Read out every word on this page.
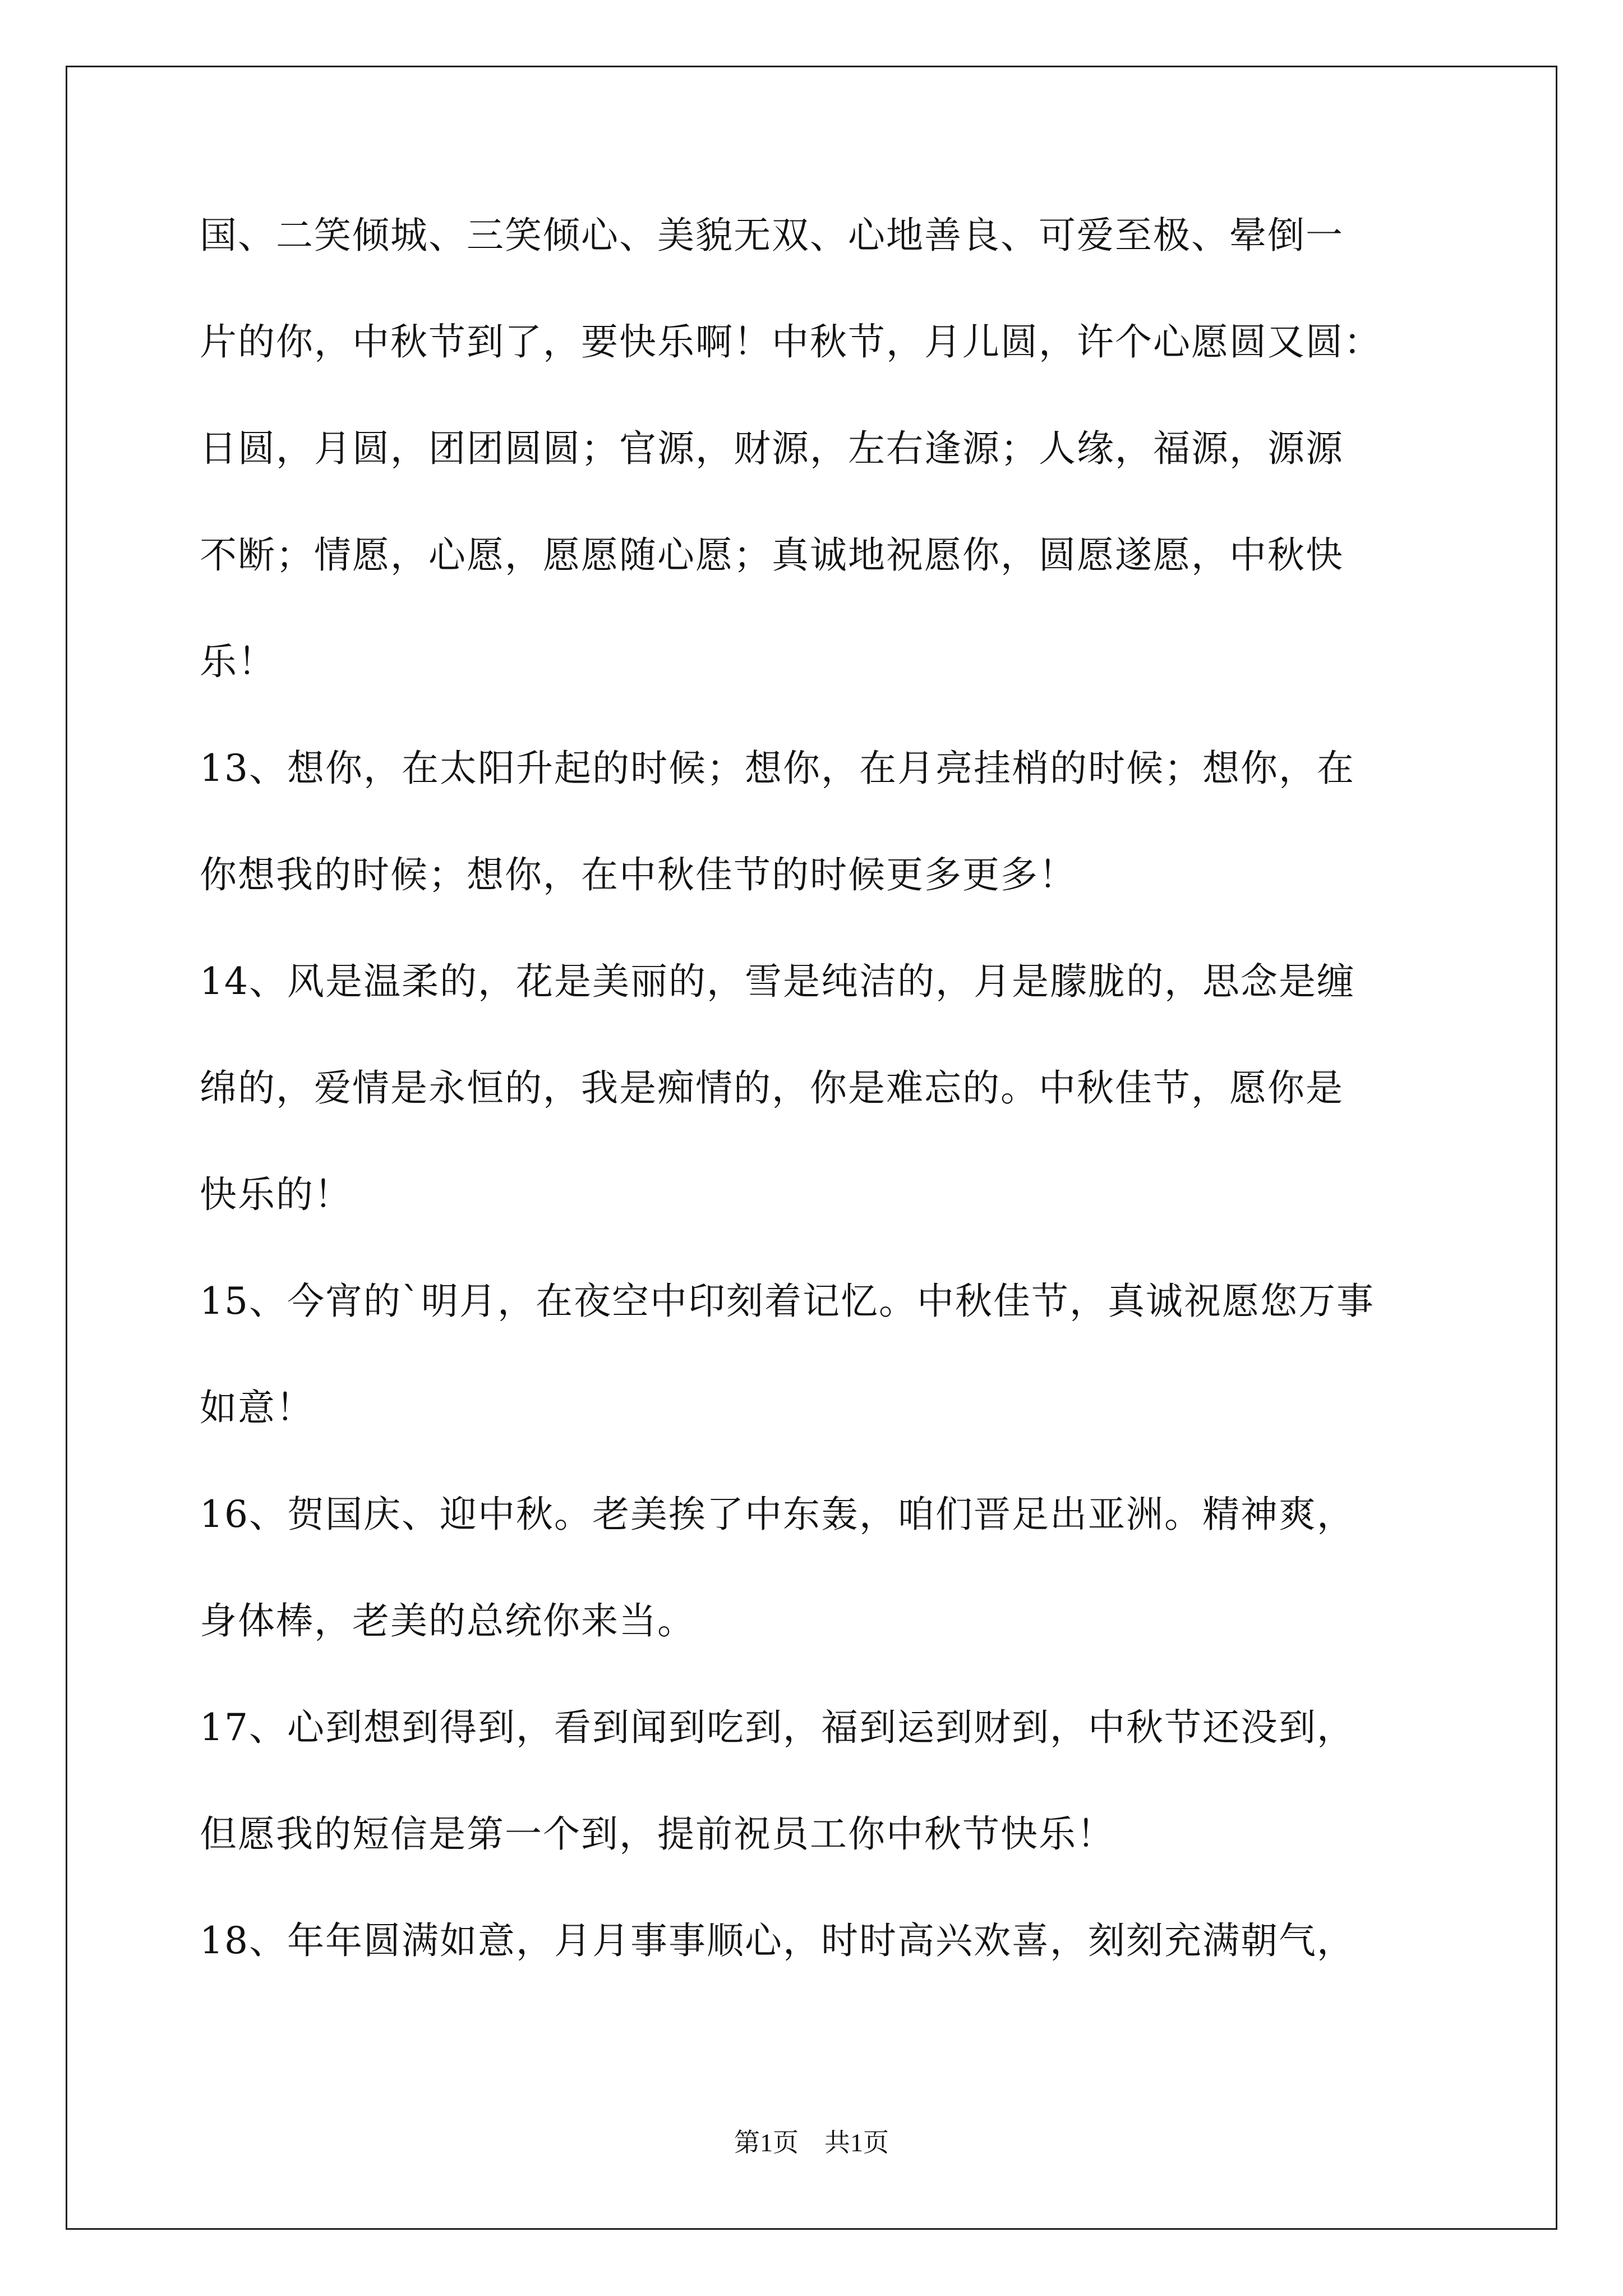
国、二笑倾城、三笑倾心、美貌无双、心地善良、可爱至极、晕倒一
片的你，中秋节到了，要快乐啊！中秋节，月儿圆，许个心愿圆又圆：
日圆，月圆，团团圆圆；官源，财源，左右逢源；人缘，福源，源源
不断；情愿，心愿，愿愿随心愿；真诚地祝愿你，圆愿遂愿，中秋快
乐！
13、想你，在太阳升起的时候；想你，在月亮挂梢的时候；想你，在
你想我的时候；想你，在中秋佳节的时候更多更多！
14、风是温柔的，花是美丽的，雪是纯洁的，月是朦胧的，思念是缠
绵的，爱情是永恒的，我是痴情的，你是难忘的。中秋佳节，愿你是
快乐的！
15、今宵的`明月，在夜空中印刻着记忆。中秋佳节，真诚祝愿您万事
如意！
16、贺国庆、迎中秋。老美挨了中东轰，咱们晋足出亚洲。精神爽，
身体棒，老美的总统你来当。
17、心到想到得到，看到闻到吃到，福到运到财到，中秋节还没到，
但愿我的短信是第一个到，提前祝员工你中秋节快乐！
18、年年圆满如意，月月事事顺心，时时高兴欢喜，刻刻充满朝气，
第1页　共1页
